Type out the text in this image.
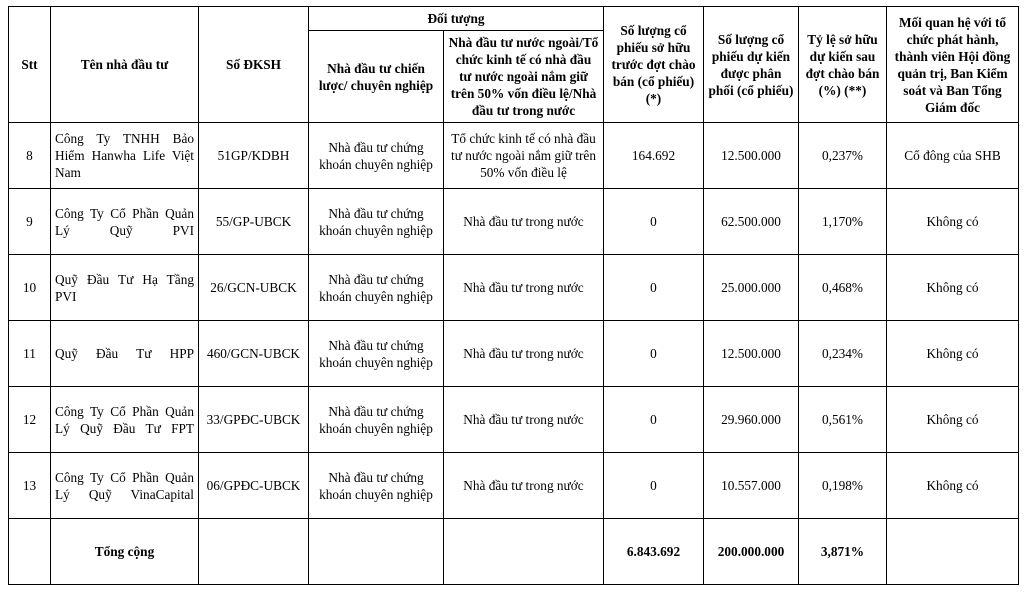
Stt	Tên nhà đầu tư	Số ĐKSH	Đối tượng		Số lượng cổ phiếu sở hữu trước đợt chào bán (cổ phiếu) (*)	Số lượng cổ phiếu dự kiến được phân phối (cổ phiếu)	Tỷ lệ sở hữu dự kiến sau đợt chào bán (%) (**)	Mối quan hệ với tổ chức phát hành, thành viên Hội đồng quản trị, Ban Kiểm soát và Ban Tổng Giám đốc
			Nhà đầu tư chiến lược/ chuyên nghiệp	Nhà đầu tư nước ngoài/Tổ chức kinh tế có nhà đầu tư nước ngoài nắm giữ trên 50% vốn điều lệ/Nhà đầu tư trong nước				
8	Công Ty TNHH Bảo Hiểm Hanwha Life Việt Nam	51GP/KDBH	Nhà đầu tư chứng khoán chuyên nghiệp	Tổ chức kinh tế có nhà đầu tư nước ngoài nắm giữ trên 50% vốn điều lệ	164.692	12.500.000	0,237%	Cổ đông của SHB
9	Công Ty Cổ Phần Quản Lý Quỹ PVI	55/GP-UBCK	Nhà đầu tư chứng khoán chuyên nghiệp	Nhà đầu tư trong nước	0	62.500.000	1,170%	Không có
10	Quỹ Đầu Tư Hạ Tầng PVI	26/GCN-UBCK	Nhà đầu tư chứng khoán chuyên nghiệp	Nhà đầu tư trong nước	0	25.000.000	0,468%	Không có
11	Quỹ Đầu Tư HPP	460/GCN-UBCK	Nhà đầu tư chứng khoán chuyên nghiệp	Nhà đầu tư trong nước	0	12.500.000	0,234%	Không có
12	Công Ty Cổ Phần Quản Lý Quỹ Đầu Tư FPT	33/GPĐC-UBCK	Nhà đầu tư chứng khoán chuyên nghiệp	Nhà đầu tư trong nước	0	29.960.000	0,561%	Không có
13	Công Ty Cổ Phần Quản Lý Quỹ VinaCapital	06/GPĐC-UBCK	Nhà đầu tư chứng khoán chuyên nghiệp	Nhà đầu tư trong nước	0	10.557.000	0,198%	Không có
	Tổng cộng				6.843.692	200.000.000	3,871%	
